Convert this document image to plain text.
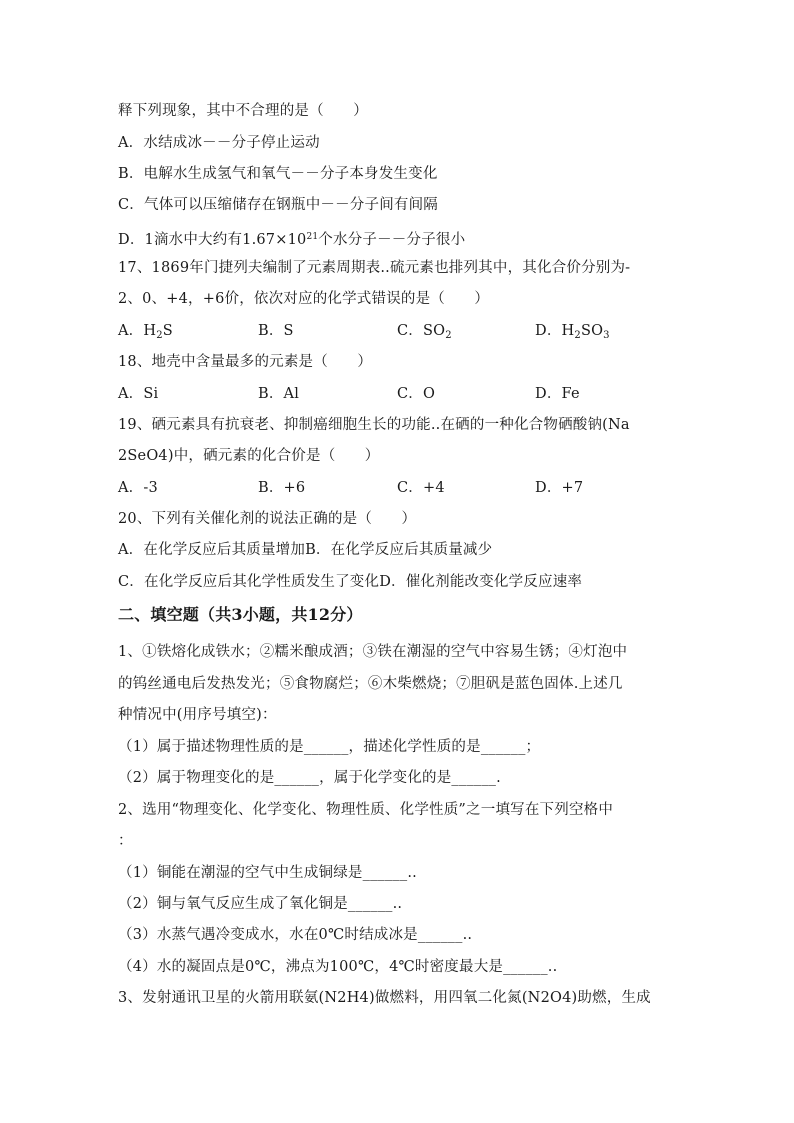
释下列现象，其中不合理的是（　　）
A．水结成冰－－分子停止运动
B．电解水生成氢气和氧气－－分子本身发生变化
C．气体可以压缩储存在钢瓶中－－分子间有间隔
D．1滴水中大约有$1.67\times 10^{21}$个水分子－－分子很小
17、1869年门捷列夫编制了元素周期表..硫元素也排列其中，其化合价分别为-
2、0、+4，+6价，依次对应的化学式错误的是（　　）
A．$H_2S$	B．S	C．$SO_2$	D．$H_2SO_3$
18、地壳中含量最多的元素是（　　）
A．Si	B．Al	C．O	D．Fe
19、硒元素具有抗衰老、抑制癌细胞生长的功能..在硒的一种化合物硒酸钠(Na
2SeO4)中，硒元素的化合价是（　　）
A．-3	B．+6	C．+4	D．+7
20、下列有关催化剂的说法正确的是（　　）
A．在化学反应后其质量增加B．在化学反应后其质量减少
C．在化学反应后其化学性质发生了变化D．催化剂能改变化学反应速率
二、填空题（共3小题，共12分）
1、①铁熔化成铁水；②糯米酿成酒；③铁在潮湿的空气中容易生锈；④灯泡中
的钨丝通电后发热发光；⑤食物腐烂；⑥木柴燃烧；⑦胆矾是蓝色固体.上述几
种情况中(用序号填空)：
（1）属于描述物理性质的是______，描述化学性质的是______；
（2）属于物理变化的是______，属于化学变化的是______.
2、选用“物理变化、化学变化、物理性质、化学性质”之一填写在下列空格中
：
（1）铜能在潮湿的空气中生成铜绿是______..
（2）铜与氧气反应生成了氧化铜是______..
（3）水蒸气遇冷变成水，水在0℃时结成冰是______..
（4）水的凝固点是0℃，沸点为100℃，4℃时密度最大是______..
3、发射通讯卫星的火箭用联氨(N2H4)做燃料，用四氧二化氮(N2O4)助燃，生成
